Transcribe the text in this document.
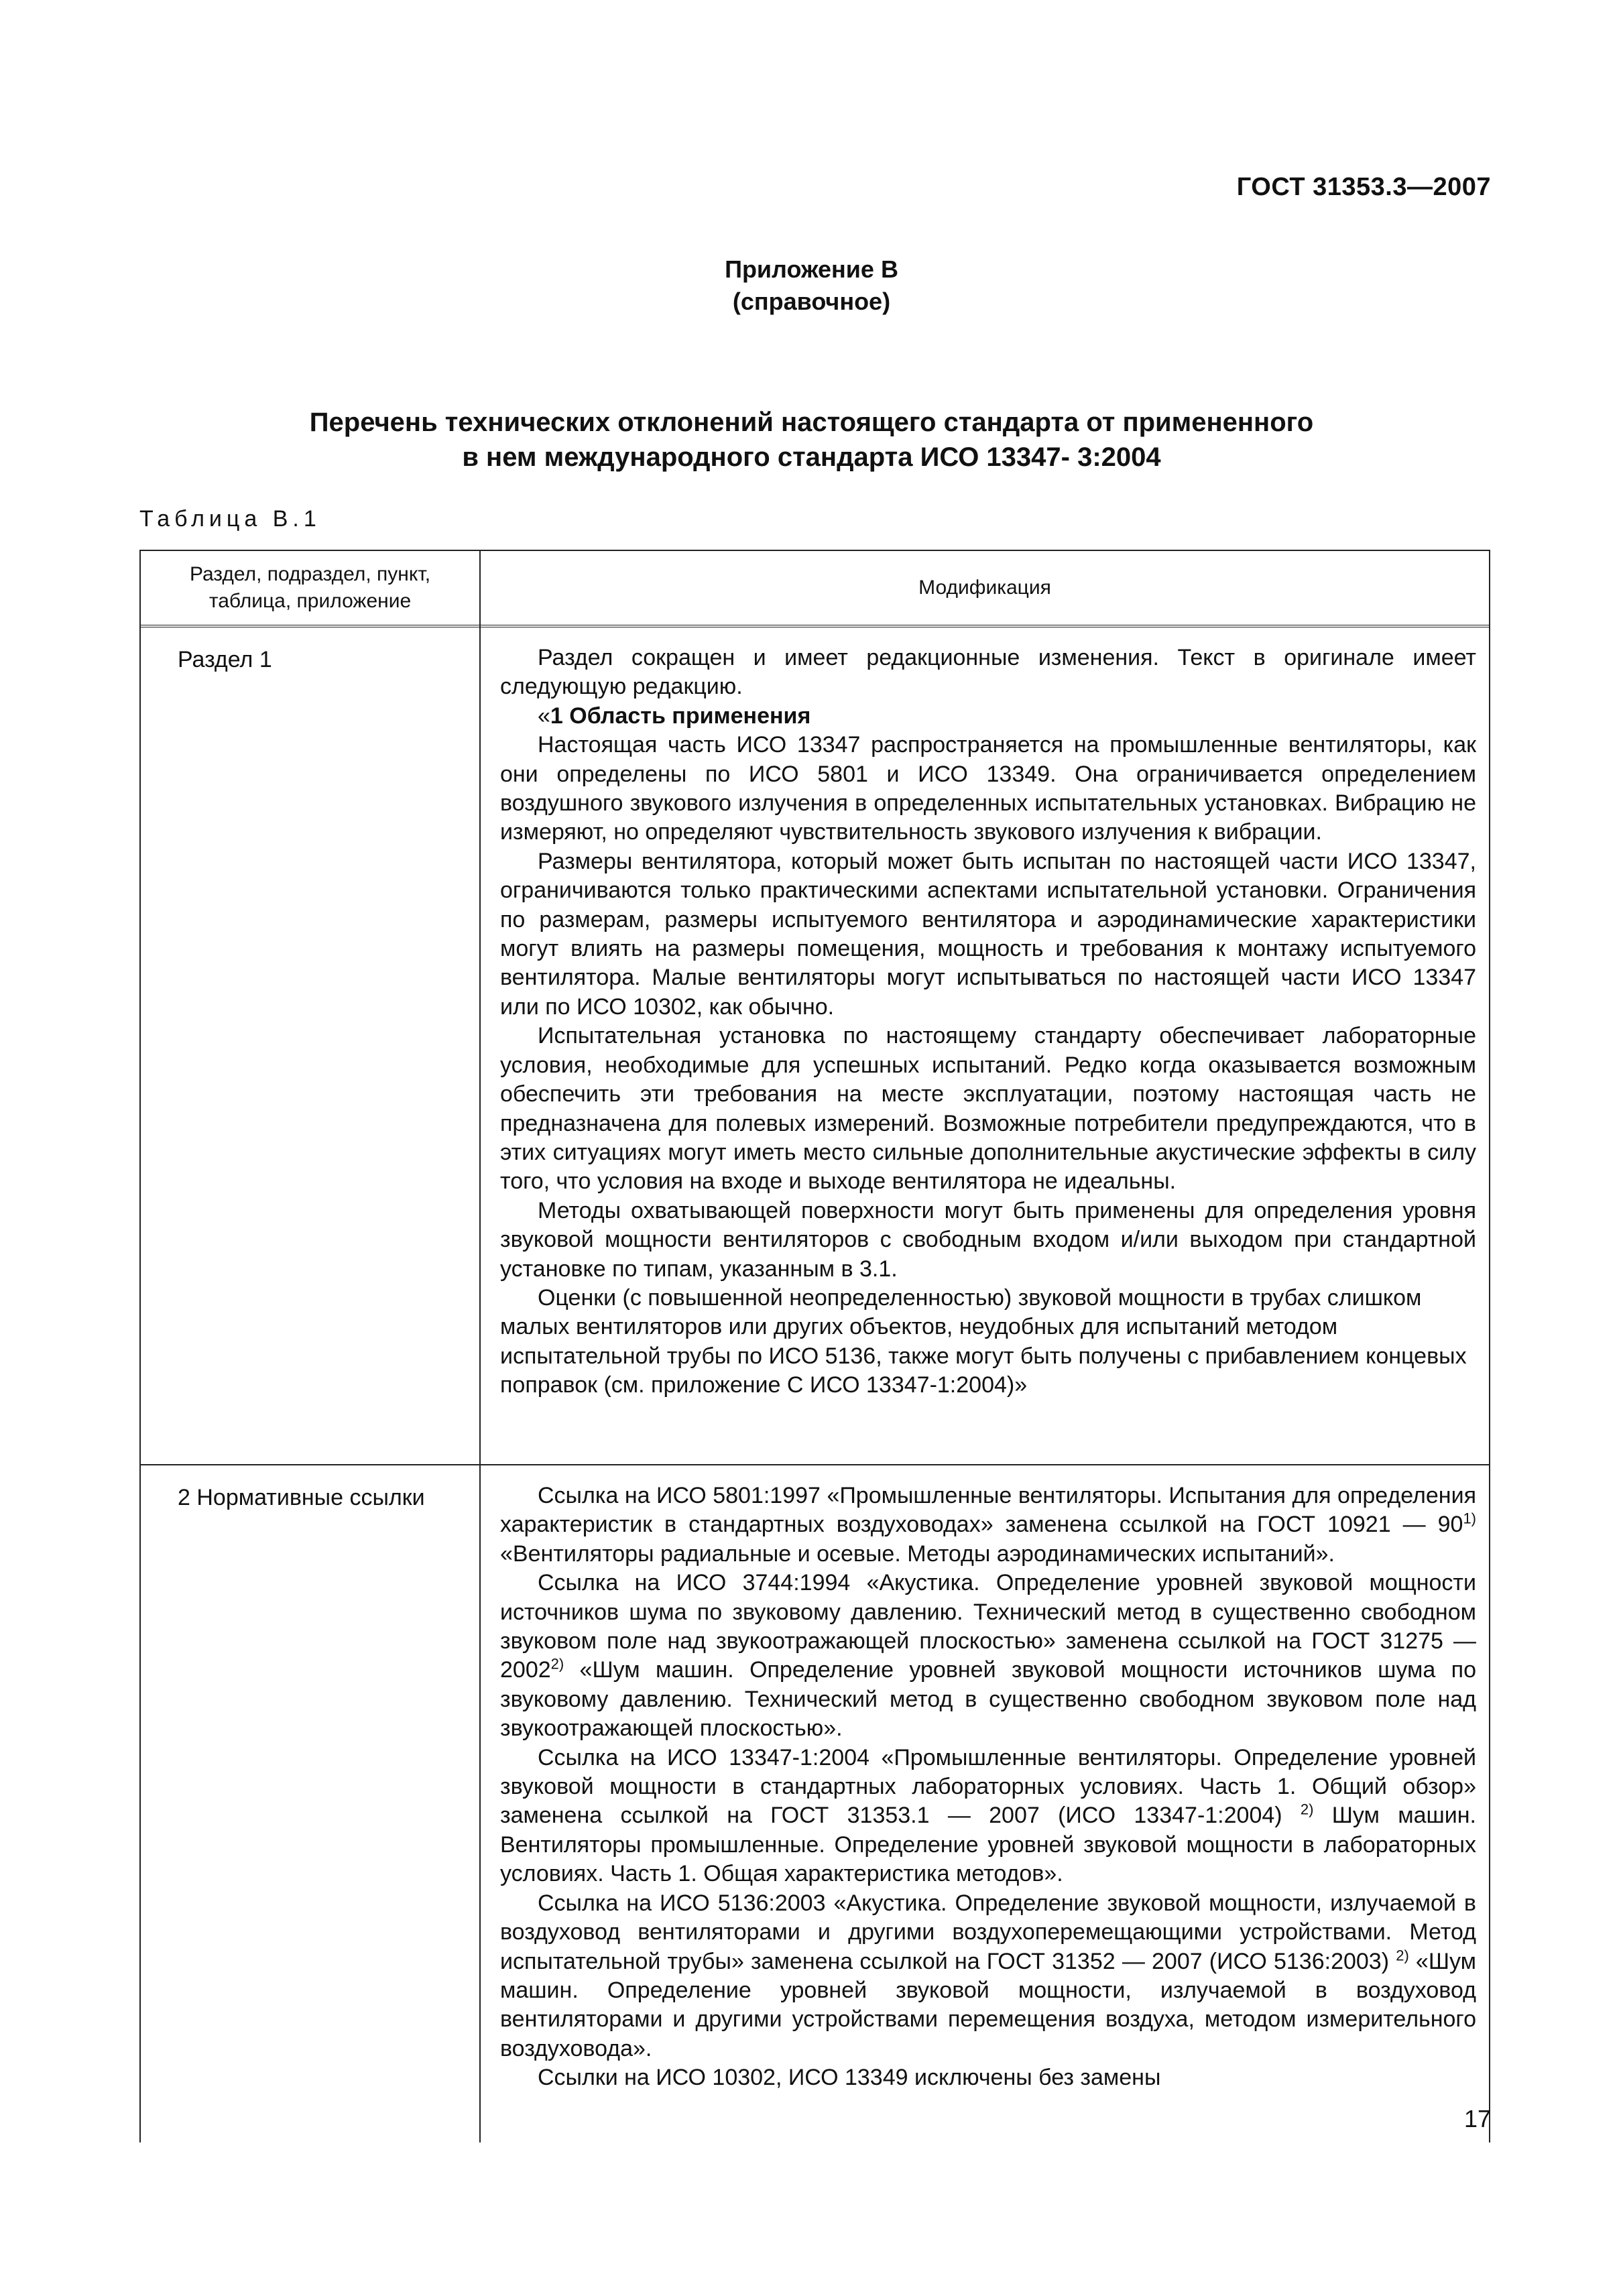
ГОСТ 31353.3—2007
Приложение В
(справочное)
Перечень технических отклонений настоящего стандарта от примененного
в нем международного стандарта ИСО 13347- 3:2004
Таблица В.1
Раздел, подраздел, пункт,
таблица, приложение
Модификация
Раздел 1	Раздел сокращен и имеет редакционные изменения. Текст в оригинале имеет следующую редакцию.

«1 Область применения

Настоящая часть ИСО 13347 распространяется на промышленные вентиляторы, как они определены по ИСО 5801 и ИСО 13349. Она ограничивается определением воздушного звукового излучения в определенных испытательных установках. Вибрацию не измеряют, но определяют чувствительность звукового излучения к вибрации.

Размеры вентилятора, который может быть испытан по настоящей части ИСО 13347, ограничиваются только практическими аспектами испытательной установки. Ограничения по размерам, размеры испытуемого вентилятора и аэродинамические характеристики могут влиять на размеры помещения, мощность и требования к монтажу испытуемого вентилятора. Малые вентиляторы могут испытываться по настоящей части ИСО 13347 или по ИСО 10302, как обычно.

Испытательная установка по настоящему стандарту обеспечивает лабораторные условия, необходимые для успешных испытаний. Редко когда оказывается возможным обеспечить эти требования на месте эксплуатации, поэтому настоящая часть не предназначена для полевых измерений. Возможные потребители предупреждаются, что в этих ситуациях могут иметь место сильные дополнительные акустические эффекты в силу того, что условия на входе и выходе вентилятора не идеальны.

Методы охватывающей поверхности могут быть применены для определения уровня звуковой мощности вентиляторов с свободным входом и/или выходом при стандартной установке по типам, указанным в 3.1.

Оценки (с повышенной неопределенностью) звуковой мощности в трубах слишком малых вентиляторов или других объектов, неудобных для испытаний методом испытательной трубы по ИСО 5136, также могут быть получены с прибавлением концевых поправок (см. приложение С ИСО 13347-1:2004)»

2 Нормативные ссылки	Ссылка на ИСО 5801:1997 «Промышленные вентиляторы. Испытания для определения характеристик в стандартных воздуховодах» заменена ссылкой на ГОСТ 10921 — 90$^{1)}$ «Вентиляторы радиальные и осевые. Методы аэродинамических испытаний».

Ссылка на ИСО 3744:1994 «Акустика. Определение уровней звуковой мощности источников шума по звуковому давлению. Технический метод в существенно свободном звуковом поле над звукоотражающей плоскостью» заменена ссылкой на ГОСТ 31275 — 2002$^{2)}$ «Шум машин. Определение уровней звуковой мощности источников шума по звуковому давлению. Технический метод в существенно свободном звуковом поле над звукоотражающей плоскостью».

Ссылка на ИСО 13347-1:2004 «Промышленные вентиляторы. Определение уровней звуковой мощности в стандартных лабораторных условиях. Часть 1. Общий обзор» заменена ссылкой на ГОСТ 31353.1 — 2007 (ИСО 13347-1:2004) $^{2)}$ Шум машин. Вентиляторы промышленные. Определение уровней звуковой мощности в лабораторных условиях. Часть 1. Общая характеристика методов».

Ссылка на ИСО 5136:2003 «Акустика. Определение звуковой мощности, излучаемой в воздуховод вентиляторами и другими воздухоперемещающими устройствами. Метод испытательной трубы» заменена ссылкой на ГОСТ 31352 — 2007 (ИСО 5136:2003) $^{2)}$ «Шум машин. Определение уровней звуковой мощности, излучаемой в воздуховод вентиляторами и другими устройствами перемещения воздуха, методом измерительного воздуховода».

Ссылки на ИСО 10302, ИСО 13349 исключены без замены

17
